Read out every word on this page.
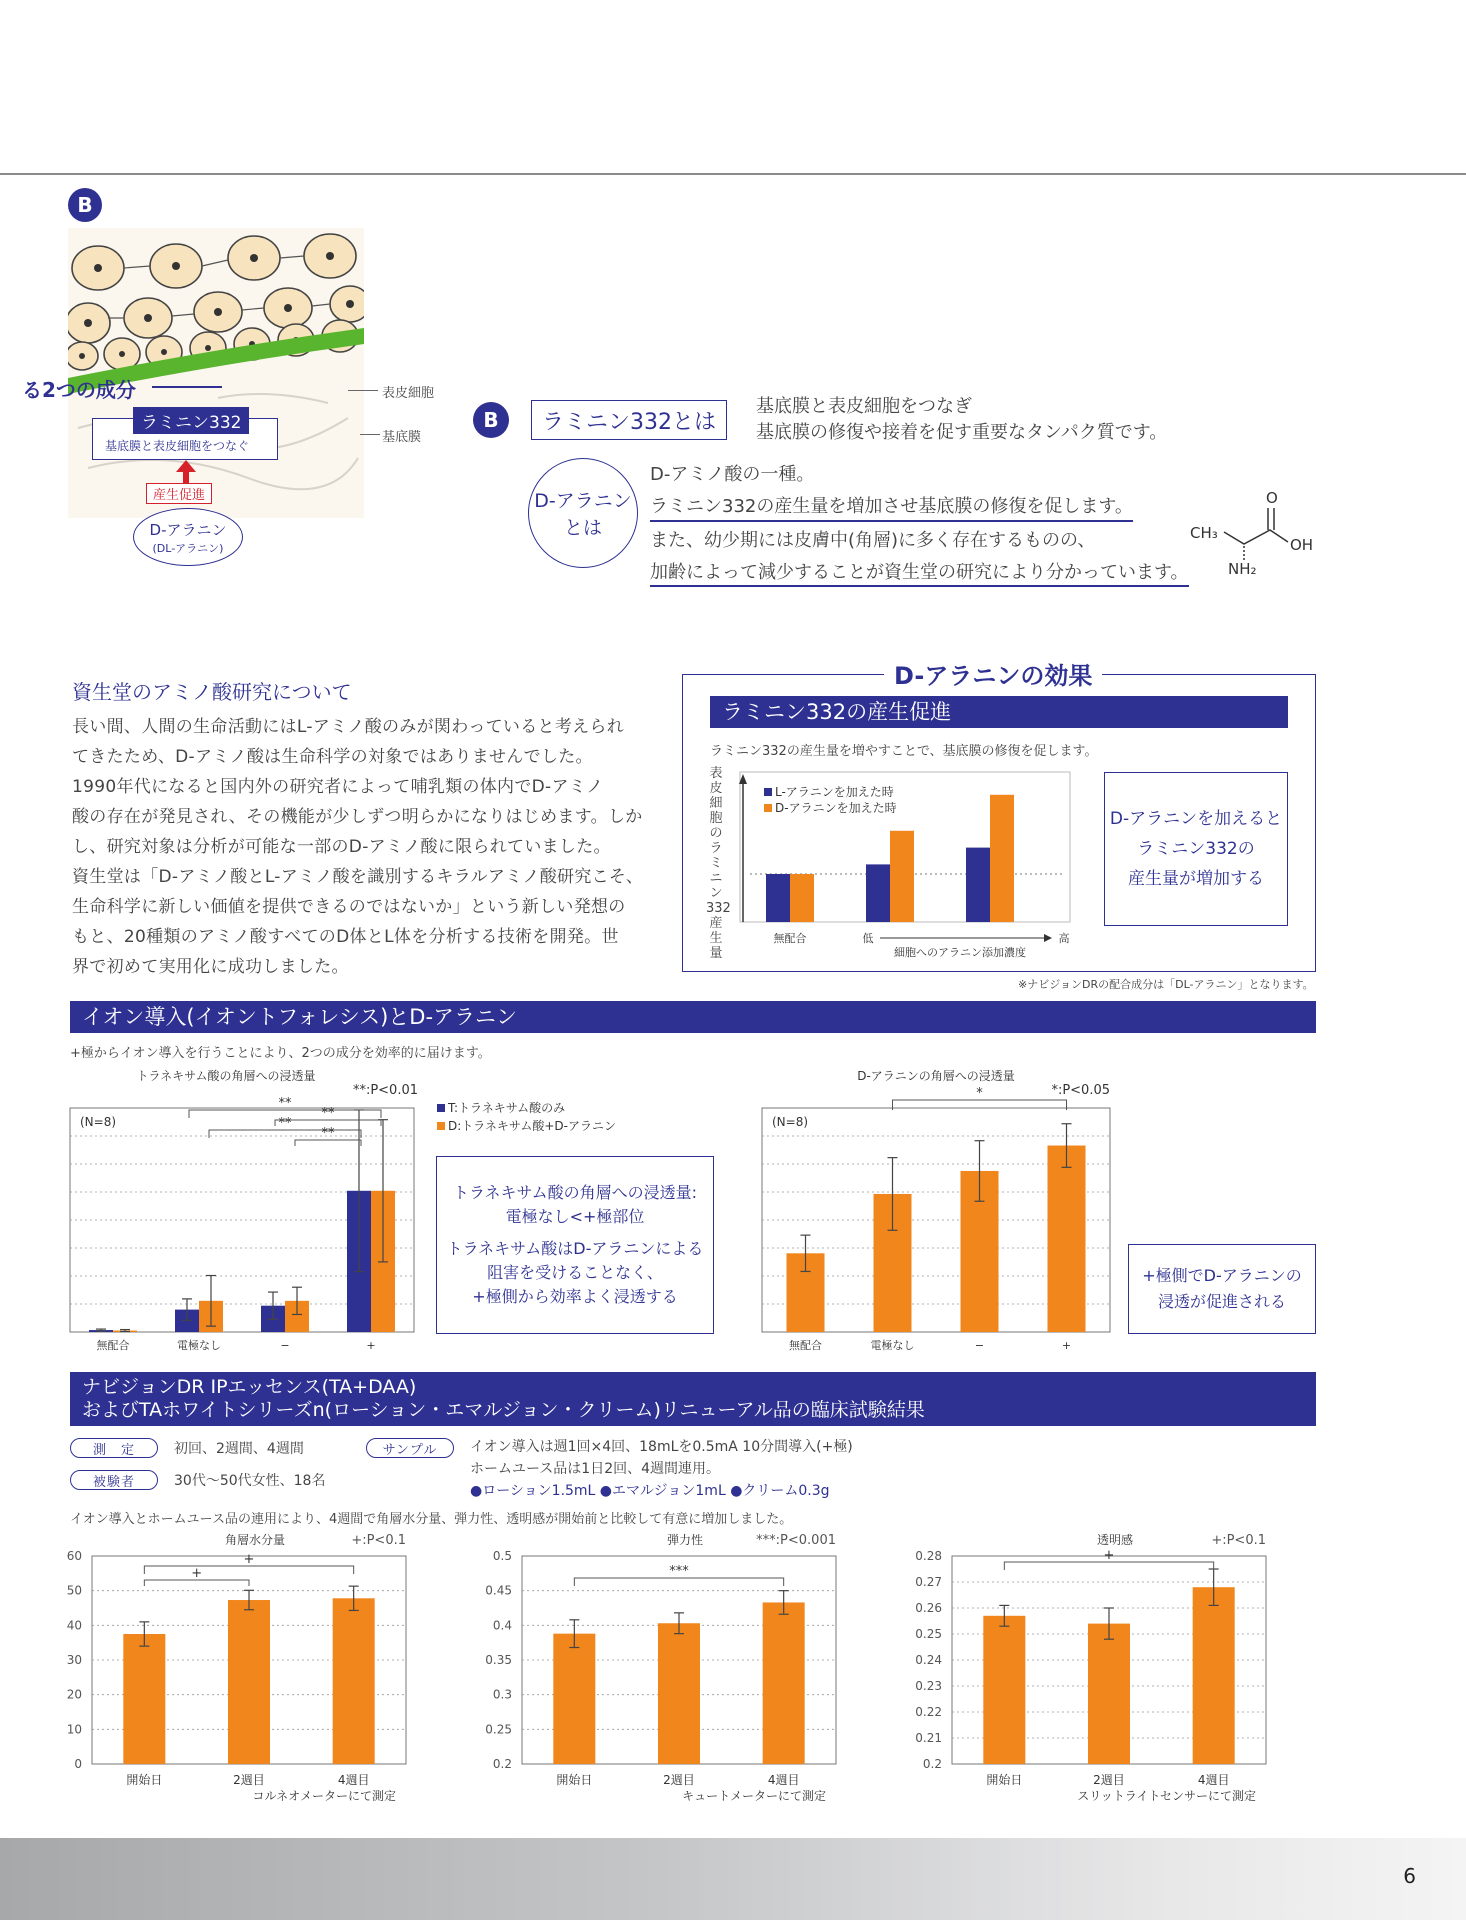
6
B
る2つの成分
ラミニン332
基底膜と表皮細胞をつなぐ
産生促進
D-アラニン
(DL-アラニン)
表皮細胞
基底膜
B	ラミニン332とは
基底膜と表皮細胞をつなぎ
基底膜の修復や接着を促す重要なタンパク質です。
D-アラニン
とは
D-アミノ酸の一種。
ラミニン332の産生量を増加させ基底膜の修復を促します。
また、幼少期には皮膚中(角層)に多く存在するものの、
加齢によって減少することが資生堂の研究により分かっています。
CH₃
O
OH
NH₂
資生堂のアミノ酸研究について
長い間、人間の生命活動にはL-アミノ酸のみが関わっていると考えられ
てきたため、D-アミノ酸は生命科学の対象ではありませんでした。
1990年代になると国内外の研究者によって哺乳類の体内でD-アミノ
酸の存在が発見され、その機能が少しずつ明らかになりはじめます。しか
し、研究対象は分析が可能な一部のD-アミノ酸に限られていました。
資生堂は「D-アミノ酸とL-アミノ酸を識別するキラルアミノ酸研究こそ、
生命科学に新しい価値を提供できるのではないか」という新しい発想の
もと、20種類のアミノ酸すべてのD体とL体を分析する技術を開発。世
界で初めて実用化に成功しました。
D-アラニンの効果
ラミニン332の産生促進
ラミニン332の産生量を増やすことで、基底膜の修復を促します。
表皮細胞のラミニン332産生量
L-アラニンを加えた時
D-アラニンを加えた時
無配合	低	高
細胞へのアラニン添加濃度
D-アラニンを加えると
ラミニン332の
産生量が増加する
※ナビジョンDRの配合成分は「DL-アラニン」となります。
イオン導入(イオントフォレシス)とD-アラニン
+極からイオン導入を行うことにより、2つの成分を効率的に届けます。
トラネキサム酸の角層への浸透量
**:P<0.01
(N=8)
無配合	電極なし	−	+
T:トラネキサム酸のみ
D:トラネキサム酸+D-アラニン
**
**
**
**
トラネキサム酸の角層への浸透量:
電極なし<+極部位
トラネキサム酸はD-アラニンによる
阻害を受けることなく、
+極側から効率よく浸透する
D-アラニンの角層への浸透量
*:P<0.05
(N=8)
無配合	電極なし	−	+
*
+極側でD-アラニンの
浸透が促進される
ナビジョンDR IPエッセンス(TA+DAA)
およびTAホワイトシリーズn(ローション・エマルジョン・クリーム)リニューアル品の臨床試験結果
測　定	初回、2週間、4週間
被験者	30代〜50代女性、18名
サンプル	イオン導入は週1回×4回、18mLを0.5mA 10分間導入(+極)
ホームユース品は1日2回、4週間連用。
●ローション1.5mL ●エマルジョン1mL ●クリーム0.3g
イオン導入とホームユース品の連用により、4週間で角層水分量、弾力性、透明感が開始前と比較して有意に増加しました。
角層水分量	+:P<0.1
60
50
40
30
20
10
0
開始日	2週目	4週目
コルネオメーターにて測定
+
+
弾力性	***:P<0.001
0.5
0.45
0.4
0.35
0.3
0.25
0.2
開始日	2週目	4週目
キュートメーターにて測定
***
透明感	+:P<0.1
0.28
0.27
0.26
0.25
0.24
0.23
0.22
0.21
0.2
開始日	2週目	4週目
スリットライトセンサーにて測定
+
